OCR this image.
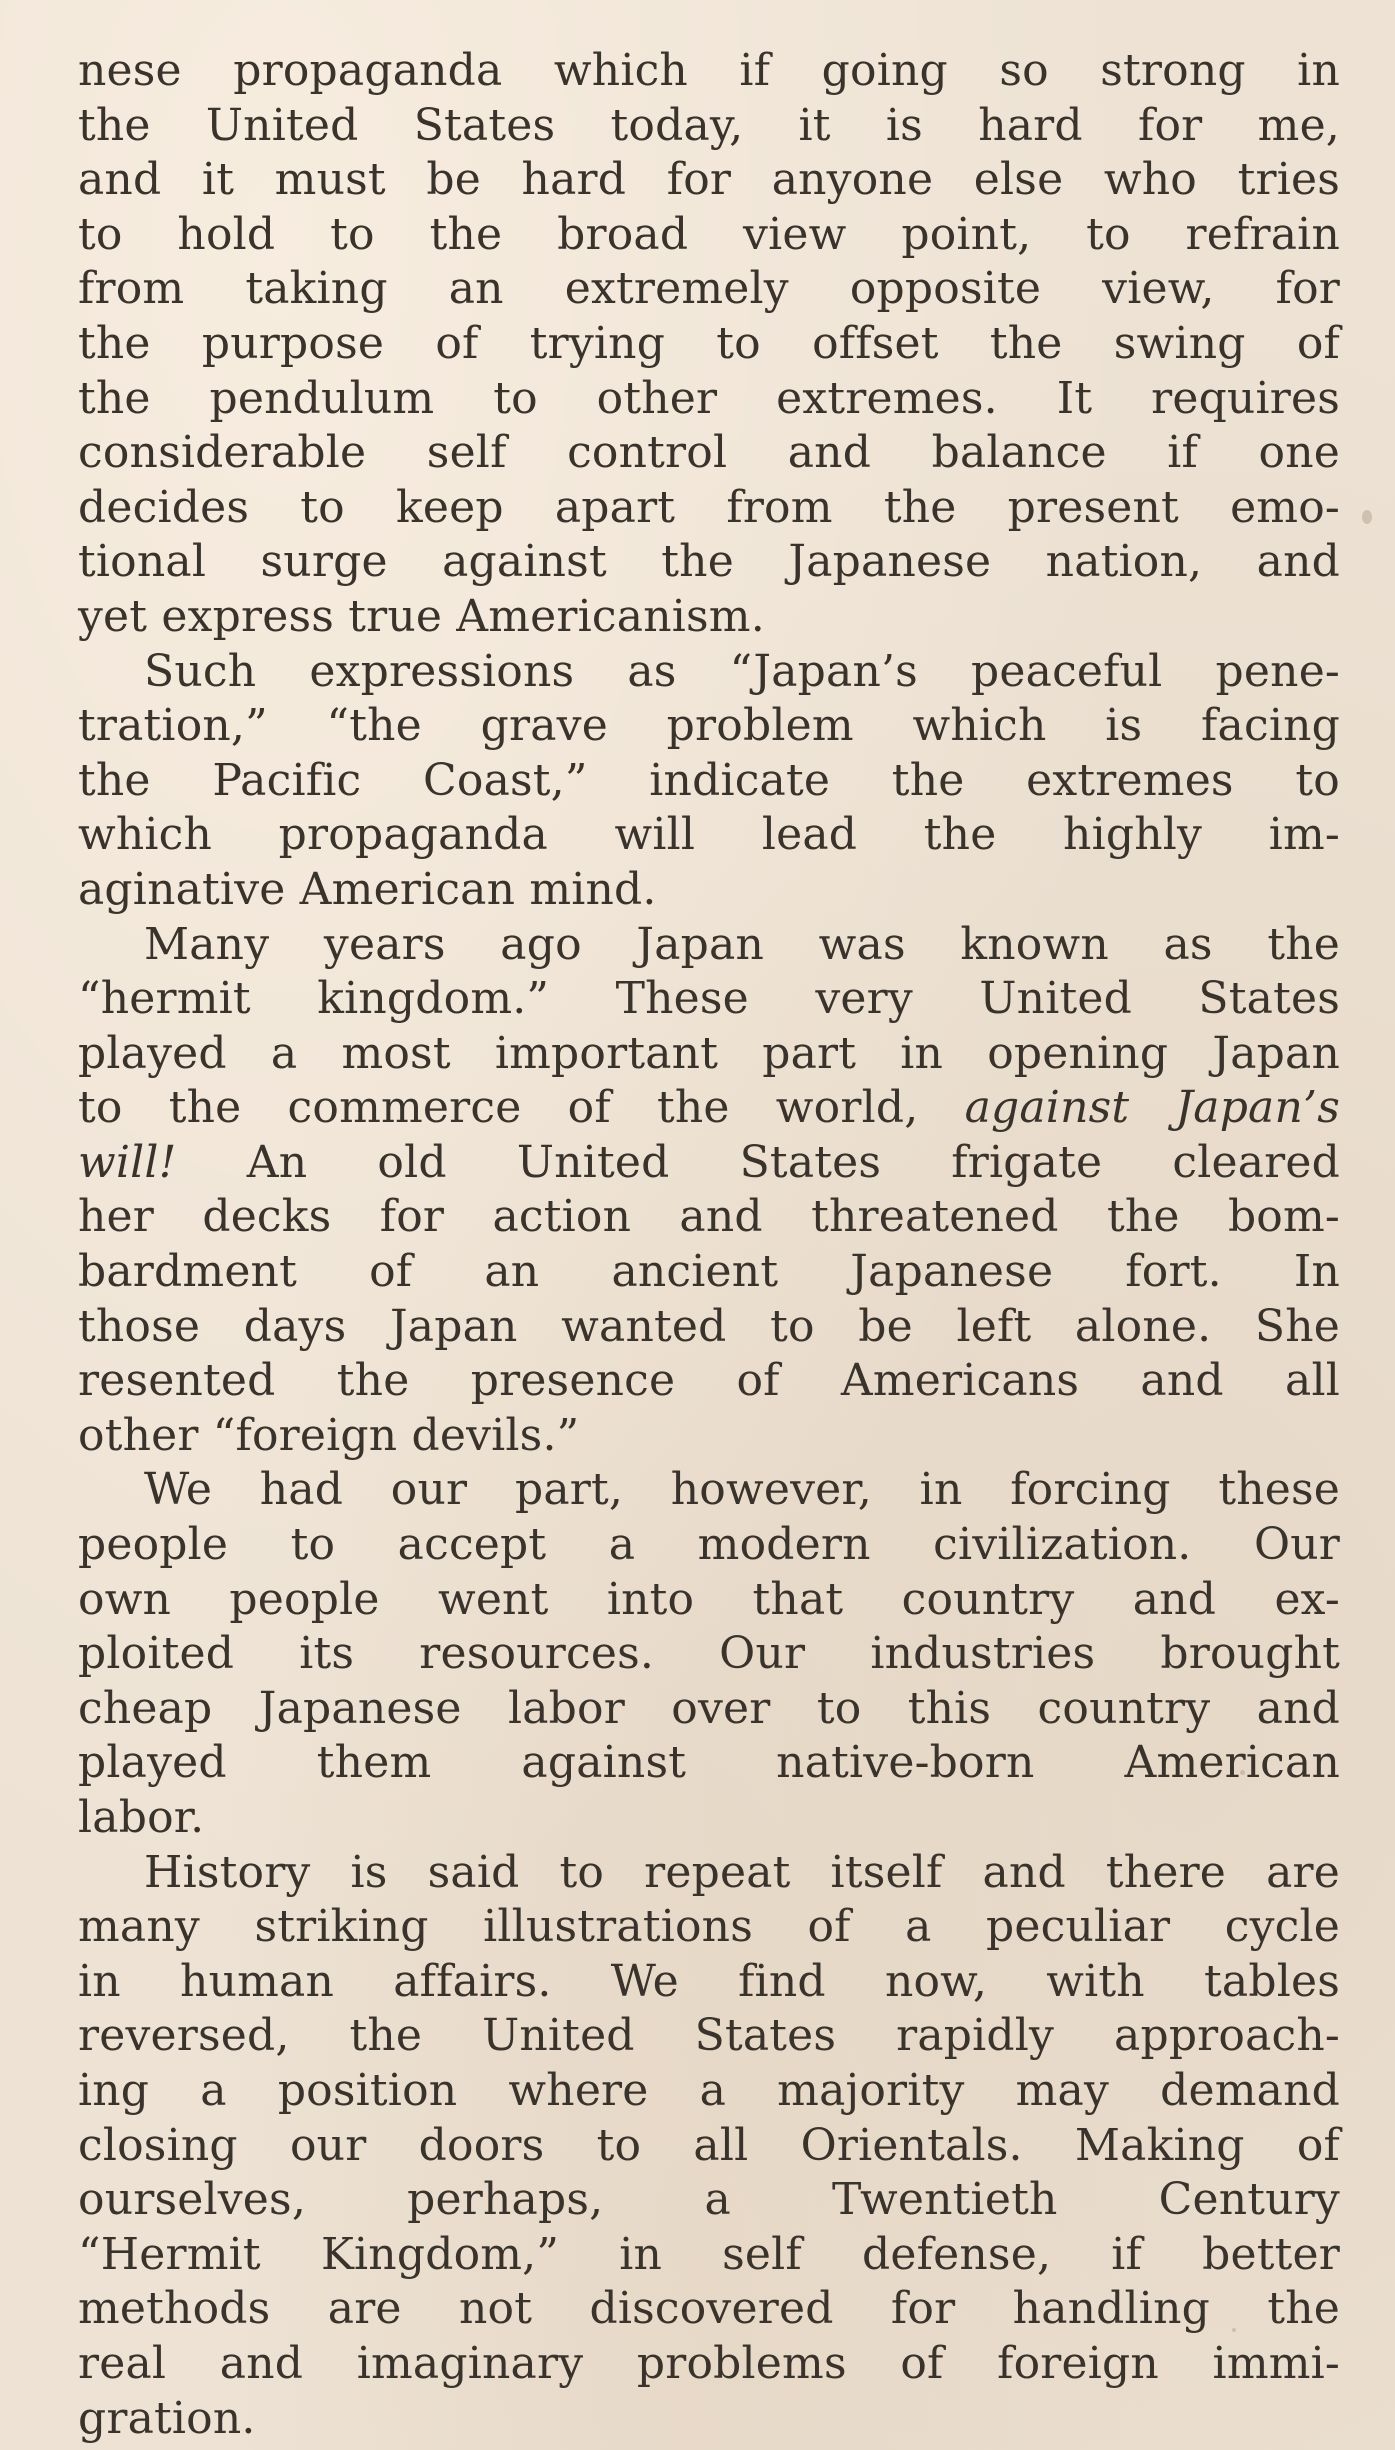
nese propaganda which if going so strong in
the United States today, it is hard for me,
and it must be hard for anyone else who tries
to hold to the broad view point, to refrain
from taking an extremely opposite view, for
the purpose of trying to offset the swing of
the pendulum to other extremes. It requires
considerable self control and balance if one
decides to keep apart from the present emo-
tional surge against the Japanese nation, and
yet express true Americanism.

Such expressions as “Japan’s peaceful pene-
tration,” “the grave problem which is facing
the Pacific Coast,” indicate the extremes to
which propaganda will lead the highly im-
aginative American mind.

Many years ago Japan was known as the
“hermit kingdom.” These very United States
played a most important part in opening Japan
to the commerce of the world, against Japan’s
will! An old United States frigate cleared
her decks for action and threatened the bom-
bardment of an ancient Japanese fort. In
those days Japan wanted to be left alone. She
resented the presence of Americans and all
other “foreign devils.”

We had our part, however, in forcing these
people to accept a modern civilization. Our
own people went into that country and ex-
ploited its resources. Our industries brought
cheap Japanese labor over to this country and
played them against native-born American
labor.

History is said to repeat itself and there are
many striking illustrations of a peculiar cycle
in human affairs. We find now, with tables
reversed, the United States rapidly approach-
ing a position where a majority may demand
closing our doors to all Orientals. Making of
ourselves, perhaps, a Twentieth Century
“Hermit Kingdom,” in self defense, if better
methods are not discovered for handling the
real and imaginary problems of foreign immi-
gration.
